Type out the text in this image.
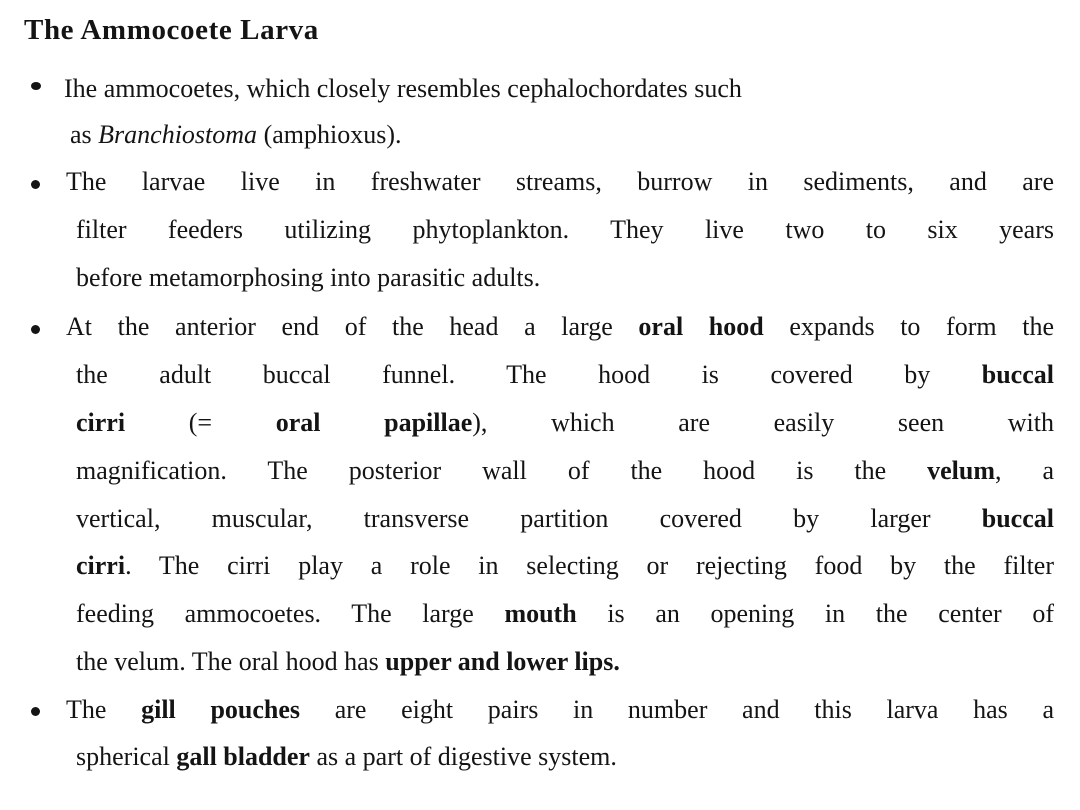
The Ammocoete Larva
Ihe ammocoetes, which closely resembles cephalochordates such
as Branchiostoma (amphioxus).
The larvae live in freshwater streams, burrow in sediments, and are
filter feeders utilizing phytoplankton. They live two to six years
before metamorphosing into parasitic adults.
At the anterior end of the head a large oral hood expands to form the
the adult buccal funnel. The hood is covered by buccal
cirri (= oral papillae), which are easily seen with
magnification. The posterior wall of the hood is the velum, a
vertical, muscular, transverse partition covered by larger buccal
cirri. The cirri play a role in selecting or rejecting food by the filter
feeding ammocoetes. The large mouth is an opening in the center of
the velum. The oral hood has upper and lower lips.
The gill pouches are eight pairs in number and this larva has a
spherical gall bladder as a part of digestive system.
